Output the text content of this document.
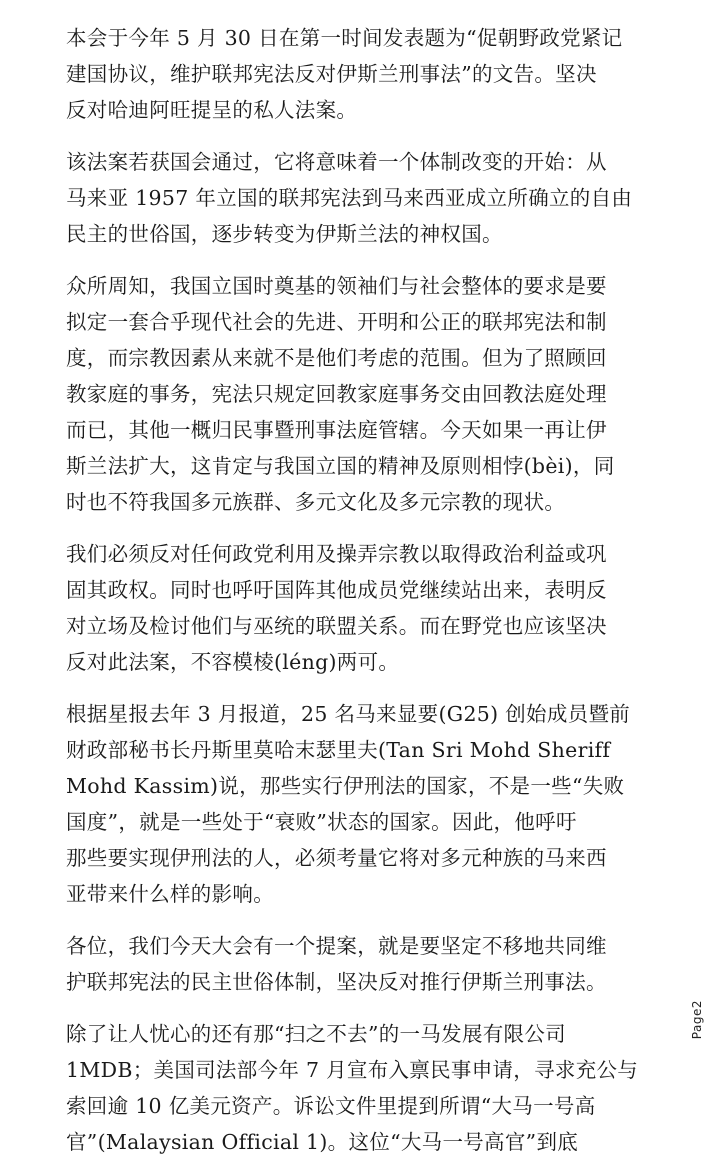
本会于今年 5 月 30 日在第一时间发表题为“促朝野政党紧记
建国协议，维护联邦宪法反对伊斯兰刑事法”的文告。坚决
反对哈迪阿旺提呈的私人法案。

该法案若获国会通过，它将意味着一个体制改变的开始：从
马来亚 1957 年立国的联邦宪法到马来西亚成立所确立的自由
民主的世俗国，逐步转变为伊斯兰法的神权国。

众所周知，我国立国时奠基的领袖们与社会整体的要求是要
拟定一套合乎现代社会的先进、开明和公正的联邦宪法和制
度，而宗教因素从来就不是他们考虑的范围。但为了照顾回
教家庭的事务，宪法只规定回教家庭事务交由回教法庭处理
而已，其他一概归民事暨刑事法庭管辖。今天如果一再让伊
斯兰法扩大，这肯定与我国立国的精神及原则相悖(bèi)，同
时也不符我国多元族群、多元文化及多元宗教的现状。

我们必须反对任何政党利用及操弄宗教以取得政治利益或巩
固其政权。同时也呼吁国阵其他成员党继续站出来，表明反
对立场及检讨他们与巫统的联盟关系。而在野党也应该坚决
反对此法案，不容模棱(léng)两可。

根据星报去年 3 月报道，25 名马来显要(G25) 创始成员暨前
财政部秘书长丹斯里莫哈末瑟里夫(Tan Sri Mohd Sheriff
Mohd Kassim)说，那些实行伊刑法的国家，不是一些“失败
国度”，就是一些处于“衰败”状态的国家。因此，他呼吁
那些要实现伊刑法的人，必须考量它将对多元种族的马来西
亚带来什么样的影响。

各位，我们今天大会有一个提案，就是要坚定不移地共同维
护联邦宪法的民主世俗体制，坚决反对推行伊斯兰刑事法。

除了让人忧心的还有那“扫之不去”的一马发展有限公司
1MDB；美国司法部今年 7 月宣布入禀民事申请，寻求充公与
索回逾 10 亿美元资产。诉讼文件里提到所谓“大马一号高
官”(Malaysian Official 1)。这位“大马一号高官”到底

Page2
